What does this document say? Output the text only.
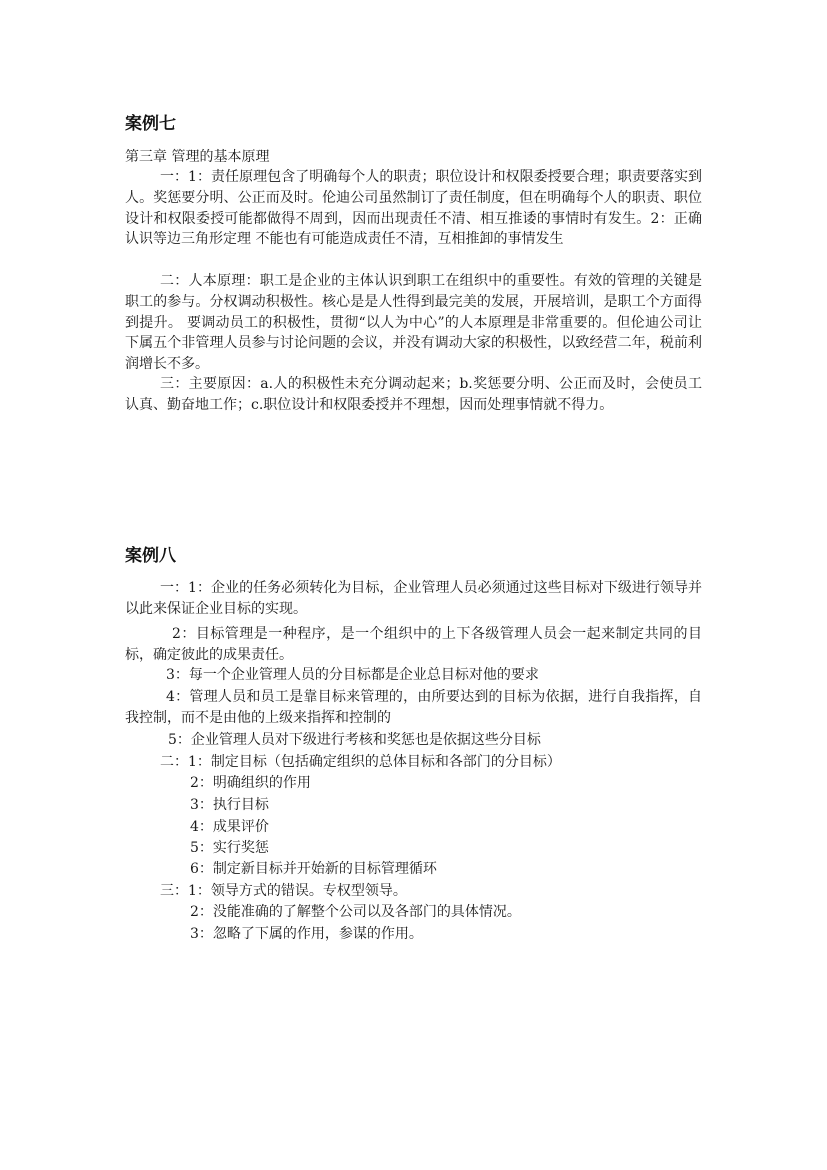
案例七
第三章 管理的基本原理

一：1：责任原理包含了明确每个人的职责；职位设计和权限委授要合理；职责要落实到人。奖惩要分明、公正而及时。伦迪公司虽然制订了责任制度，但在明确每个人的职责、职位设计和权限委授可能都做得不周到，因而出现责任不清、相互推诿的事情时有发生。2：正确认识等边三角形定理 不能也有可能造成责任不清，互相推卸的事情发生

二：人本原理：职工是企业的主体认识到职工在组织中的重要性。有效的管理的关键是职工的参与。分权调动积极性。核心是是人性得到最完美的发展，开展培训，是职工个方面得到提升。 要调动员工的积极性，贯彻“以人为中心”的人本原理是非常重要的。但伦迪公司让下属五个非管理人员参与讨论问题的会议，并没有调动大家的积极性，以致经营二年，税前利润增长不多。

三：主要原因：a.人的积极性未充分调动起来；b.奖惩要分明、公正而及时，会使员工认真、勤奋地工作；c.职位设计和权限委授并不理想，因而处理事情就不得力。

案例八

一：1：企业的任务必须转化为目标，企业管理人员必须通过这些目标对下级进行领导并以此来保证企业目标的实现。

2：目标管理是一种程序，是一个组织中的上下各级管理人员会一起来制定共同的目标，确定彼此的成果责任。

3：每一个企业管理人员的分目标都是企业总目标对他的要求

4：管理人员和员工是靠目标来管理的，由所要达到的目标为依据，进行自我指挥，自我控制，而不是由他的上级来指挥和控制的

5：企业管理人员对下级进行考核和奖惩也是依据这些分目标
二：1：制定目标（包括确定组织的总体目标和各部门的分目标）
2：明确组织的作用
3：执行目标
4：成果评价
5：实行奖惩
6：制定新目标并开始新的目标管理循环
三：1：领导方式的错误。专权型领导。
2：没能准确的了解整个公司以及各部门的具体情况。
3：忽略了下属的作用，参谋的作用。
